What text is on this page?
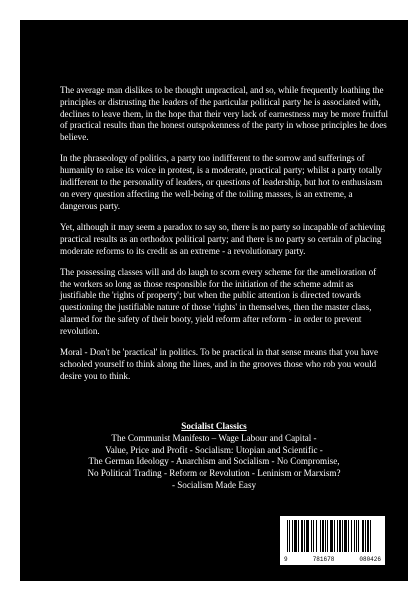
The average man dislikes to be thought unpractical, and so, while frequently loathing the principles or distrusting the leaders of the particular political party he is associated with, declines to leave them, in the hope that their very lack of earnestness may be more fruitful of practical results than the honest outspokenness of the party in whose principles he does believe.

In the phraseology of politics, a party too indifferent to the sorrow and sufferings of humanity to raise its voice in protest, is a moderate, practical party; whilst a party totally indifferent to the personality of leaders, or questions of leadership, but hot to enthusiasm on every question affecting the well-being of the toiling masses, is an extreme, a dangerous party.

Yet, although it may seem a paradox to say so, there is no party so incapable of achieving practical results as an orthodox political party; and there is no party so certain of placing moderate reforms to its credit as an extreme - a revolutionary party.

The possessing classes will and do laugh to scorn every scheme for the amelioration of the workers so long as those responsible for the initiation of the scheme admit as justifiable the 'rights of property'; but when the public attention is directed towards questioning the justifiable nature of those 'rights' in themselves, then the master class, alarmed for the safety of their booty, yield reform after reform - in order to prevent revolution.

Moral - Don't be 'practical' in politics. To be practical in that sense means that you have schooled yourself to think along the lines, and in the grooves those who rob you would desire you to think.

Socialist Classics
The Communist Manifesto – Wage Labour and Capital -
Value, Price and Profit - Socialism: Utopian and Scientific -
The German Ideology - Anarchism and Socialism - No Compromise,
No Political Trading - Reform or Revolution - Leninism or Marxism?
- Socialism Made Easy
9	781678	080426
